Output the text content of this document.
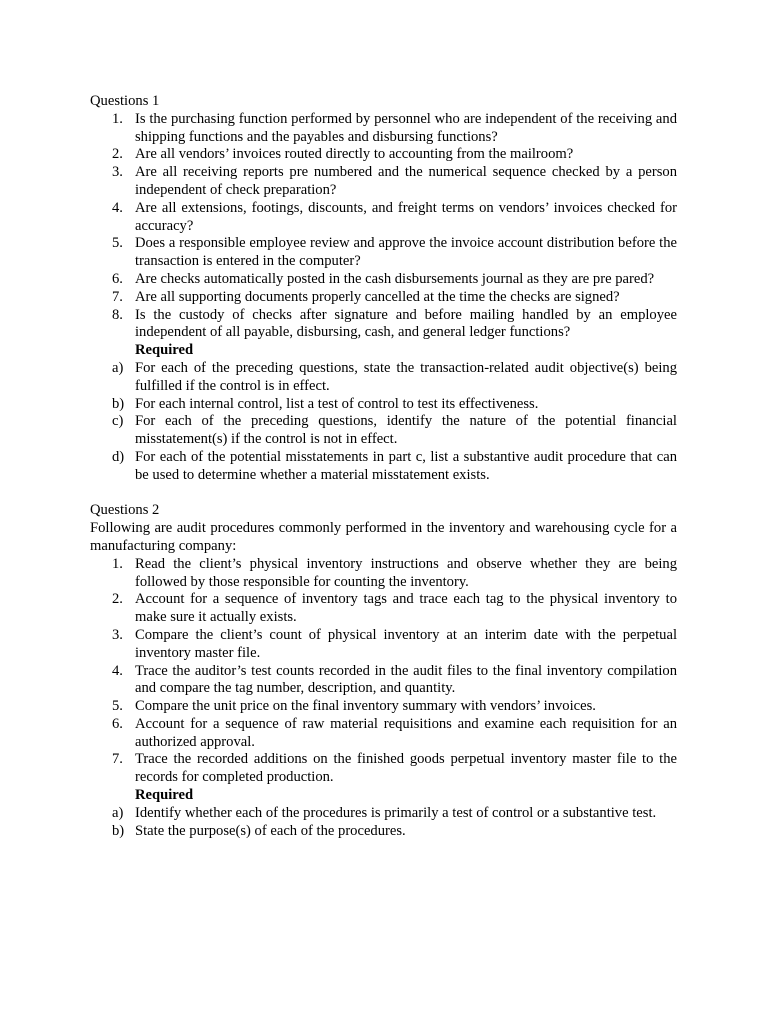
Questions 1

1. Is the purchasing function performed by personnel who are independent of the receiving and shipping functions and the payables and disbursing functions?
2. Are all vendors’ invoices routed directly to accounting from the mailroom?
3. Are all receiving reports pre numbered and the numerical sequence checked by a person independent of check preparation?
4. Are all extensions, footings, discounts, and freight terms on vendors’ invoices checked for accuracy?
5. Does a responsible employee review and approve the invoice account distribution before the transaction is entered in the computer?
6. Are checks automatically posted in the cash disbursements journal as they are pre pared?
7. Are all supporting documents properly cancelled at the time the checks are signed?
8. Is the custody of checks after signature and before mailing handled by an employee independent of all payable, disbursing, cash, and general ledger functions?

Required

a) For each of the preceding questions, state the transaction-related audit objective(s) being fulfilled if the control is in effect.
b) For each internal control, list a test of control to test its effectiveness.
c) For each of the preceding questions, identify the nature of the potential financial misstatement(s) if the control is not in effect.
d) For each of the potential misstatements in part c, list a substantive audit procedure that can be used to determine whether a material misstatement exists.

Questions 2

Following are audit procedures commonly performed in the inventory and warehousing cycle for a manufacturing company:

1. Read the client’s physical inventory instructions and observe whether they are being followed by those responsible for counting the inventory.
2. Account for a sequence of inventory tags and trace each tag to the physical inventory to make sure it actually exists.
3. Compare the client’s count of physical inventory at an interim date with the perpetual inventory master file.
4. Trace the auditor’s test counts recorded in the audit files to the final inventory compilation and compare the tag number, description, and quantity.
5. Compare the unit price on the final inventory summary with vendors’ invoices.
6. Account for a sequence of raw material requisitions and examine each requisition for an authorized approval.
7. Trace the recorded additions on the finished goods perpetual inventory master file to the records for completed production.

Required

a) Identify whether each of the procedures is primarily a test of control or a substantive test.
b) State the purpose(s) of each of the procedures.
